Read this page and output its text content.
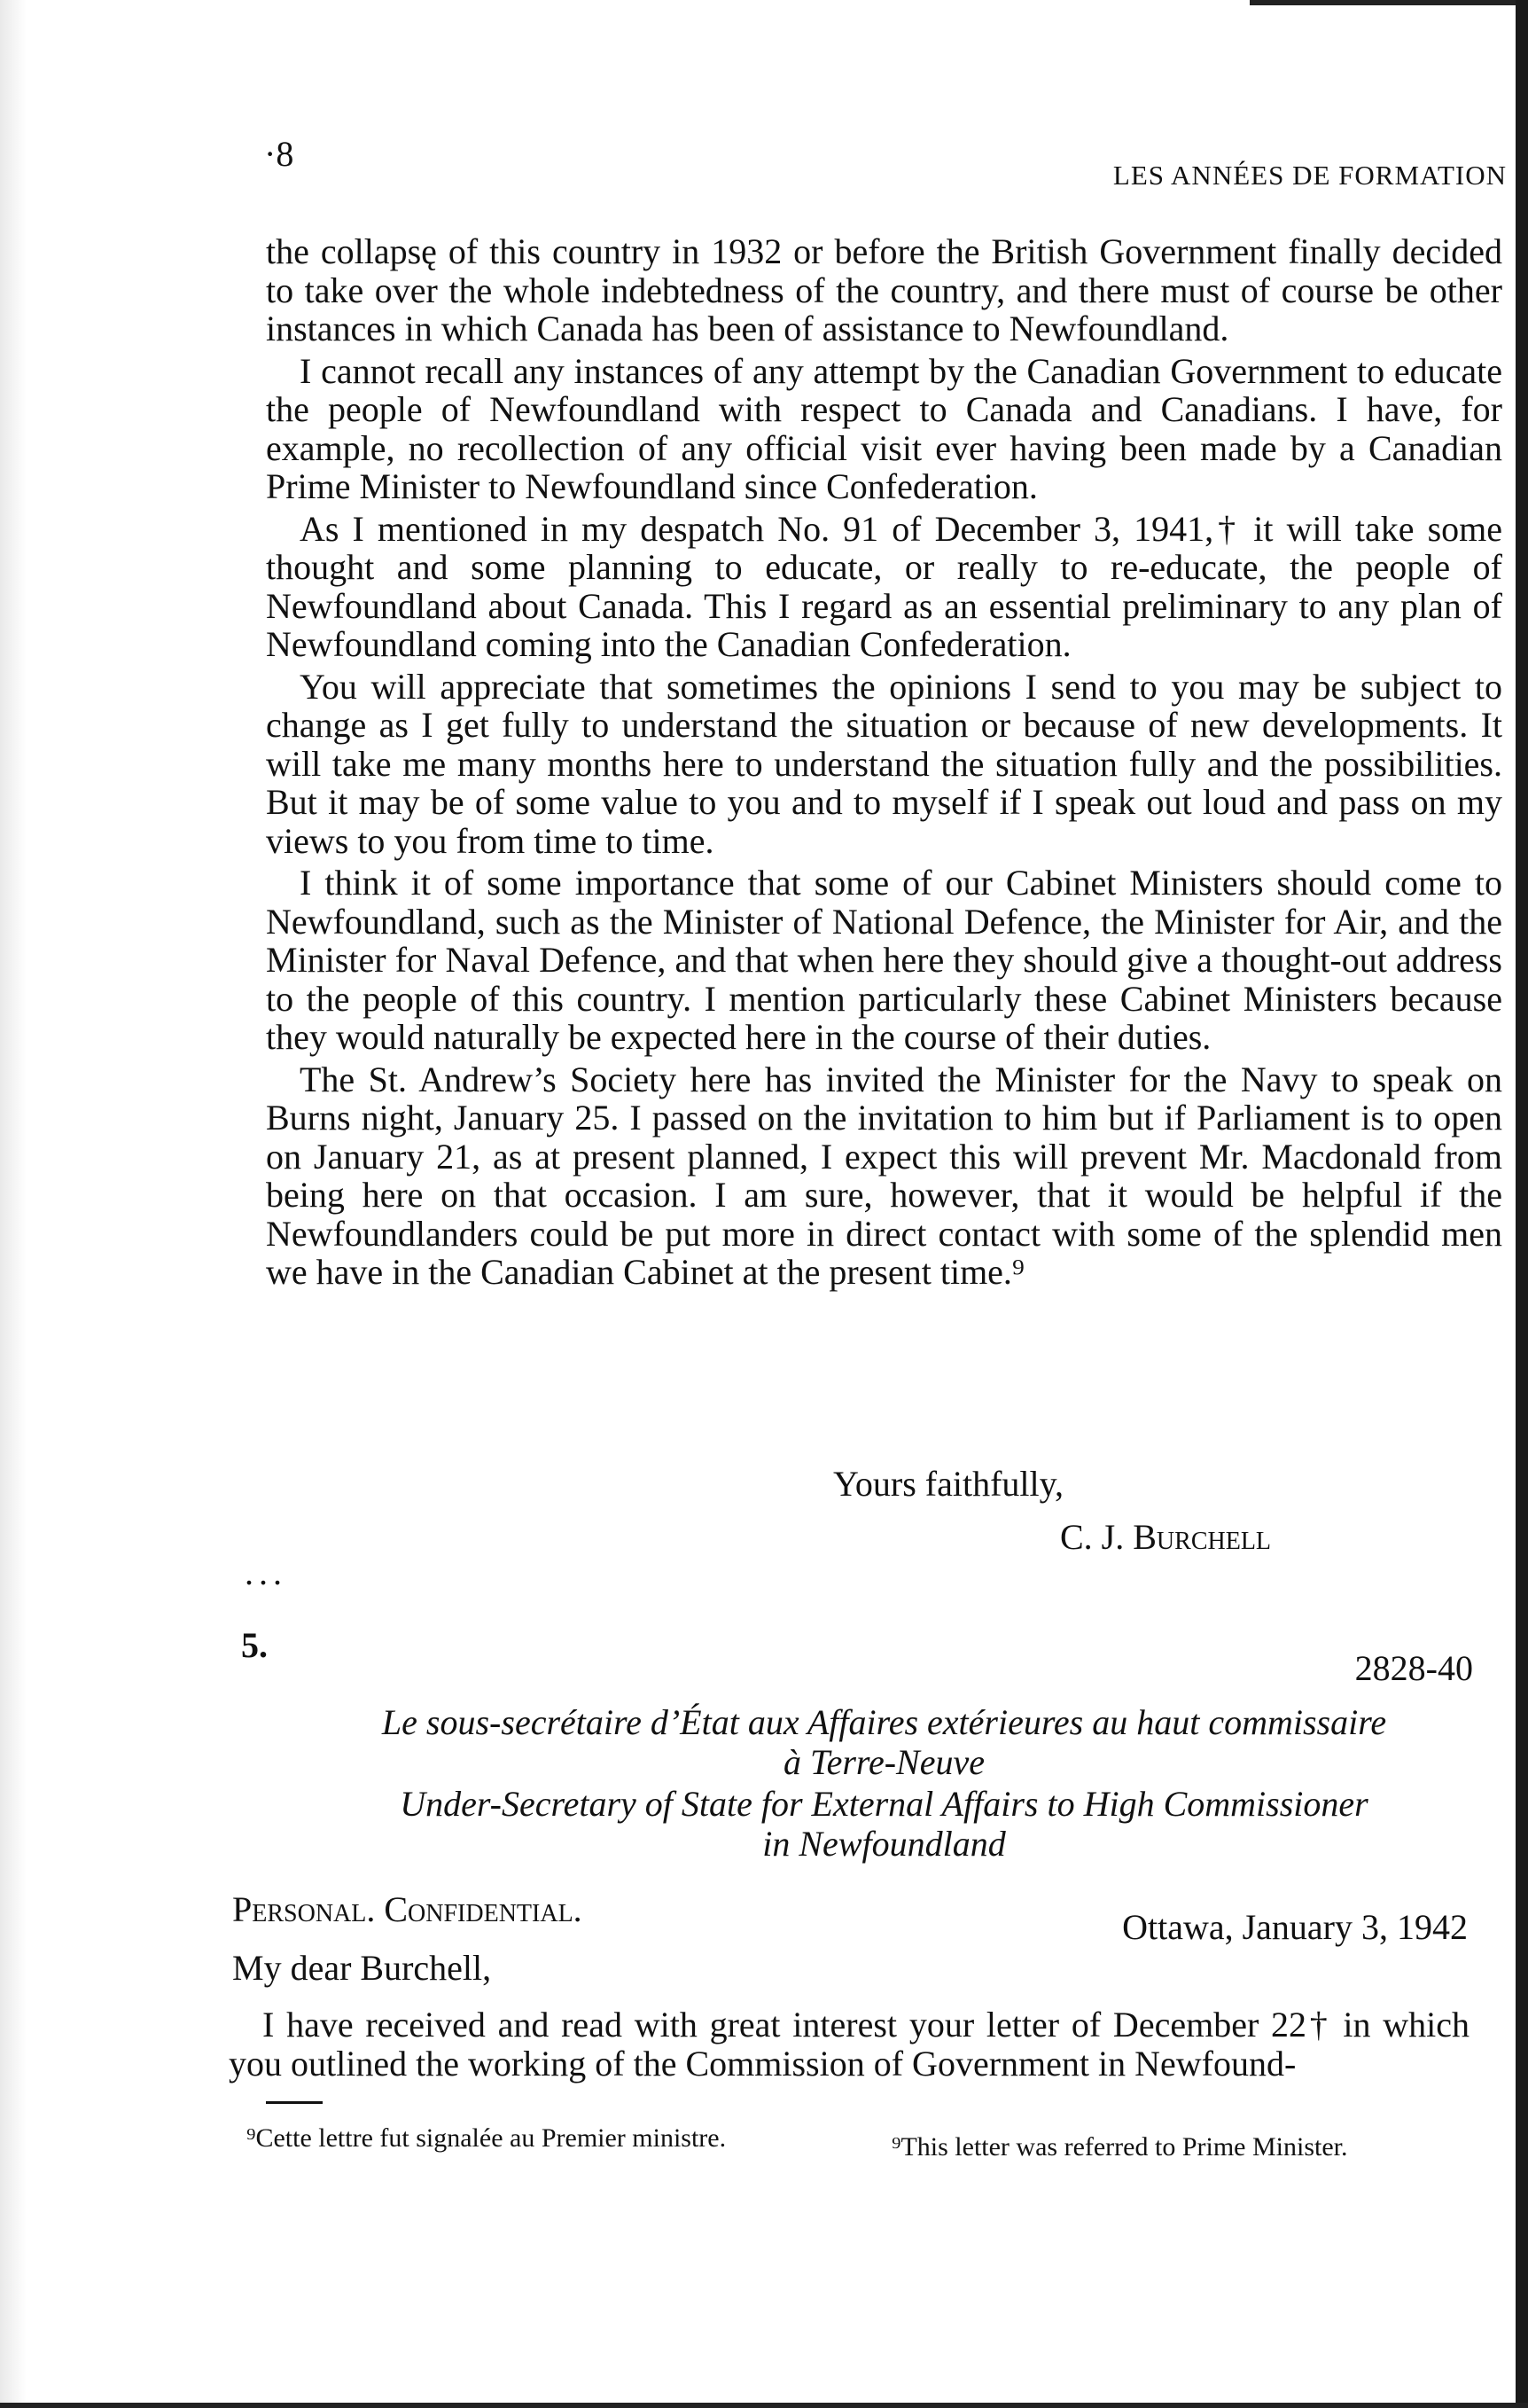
·8
LES ANNÉES DE FORMATION

the collapsę of this country in 1932 or before the British Government finally decided to take over the whole indebtedness of the country, and there must of course be other instances in which Canada has been of assistance to Newfoundland.

I cannot recall any instances of any attempt by the Canadian Government to educate the people of Newfoundland with respect to Canada and Canadians. I have, for example, no recollection of any official visit ever having been made by a Canadian Prime Minister to Newfoundland since Confederation.

As I mentioned in my despatch No. 91 of December 3, 1941,† it will take some thought and some planning to educate, or really to re-educate, the people of Newfoundland about Canada. This I regard as an essential preliminary to any plan of Newfoundland coming into the Canadian Confederation.

You will appreciate that sometimes the opinions I send to you may be subject to change as I get fully to understand the situation or because of new developments. It will take me many months here to understand the situation fully and the possibilities. But it may be of some value to you and to myself if I speak out loud and pass on my views to you from time to time.

I think it of some importance that some of our Cabinet Ministers should come to Newfoundland, such as the Minister of National Defence, the Minister for Air, and the Minister for Naval Defence, and that when here they should give a thought-out address to the people of this country. I mention particularly these Cabinet Ministers because they would naturally be expected here in the course of their duties.

The St. Andrew’s Society here has invited the Minister for the Navy to speak on Burns night, January 25. I passed on the invitation to him but if Parliament is to open on January 21, as at present planned, I expect this will prevent Mr. Macdonald from being here on that occasion. I am sure, however, that it would be helpful if the Newfoundlanders could be put more in direct contact with some of the splendid men we have in the Canadian Cabinet at the present time.⁹

Yours faithfully,
C. J. Burchell
...
5.
2828-40
Le sous-secrétaire d’État aux Affaires extérieures au haut commissaire
à Terre-Neuve
Under-Secretary of State for External Affairs to High Commissioner
in Newfoundland
Personal. Confidential.	Ottawa, January 3, 1942
My dear Burchell,

I have received and read with great interest your letter of December 22† in which you outlined the working of the Commission of Government in Newfound-

⁹Cette lettre fut signalée au Premier ministre.	⁹This letter was referred to Prime Minister.
